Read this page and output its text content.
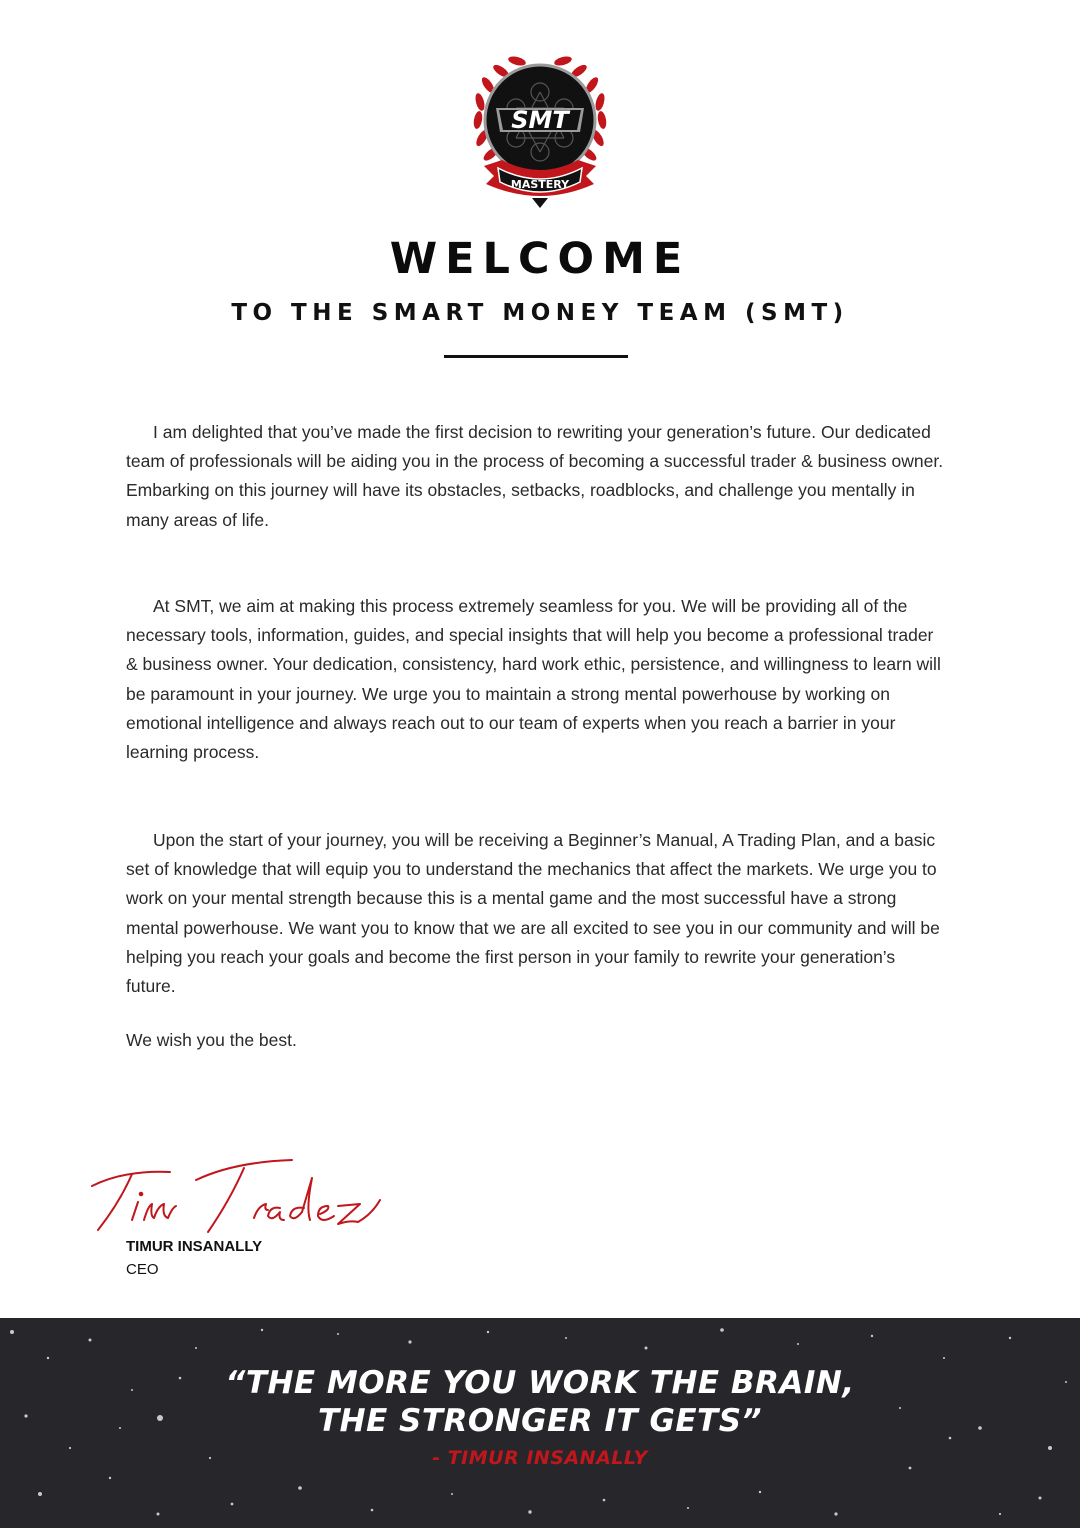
SMT
MASTERY
WELCOME
TO THE SMART MONEY TEAM (SMT)

I am delighted that you’ve made the first decision to rewriting your generation’s future. Our dedicated team of professionals will be aiding you in the process of becoming a successful trader & business owner. Embarking on this journey will have its obstacles, setbacks, roadblocks, and challenge you mentally in many areas of life.

At SMT, we aim at making this process extremely seamless for you. We will be providing all of the necessary tools, information, guides, and special insights that will help you become a professional trader & business owner. Your dedication, consistency, hard work ethic, persistence, and willingness to learn will be paramount in your journey. We urge you to maintain a strong mental powerhouse by working on emotional intelligence and always reach out to our team of experts when you reach a barrier in your learning process.

Upon the start of your journey, you will be receiving a Beginner’s Manual, A Trading Plan, and a basic set of knowledge that will equip you to understand the mechanics that affect the markets. We urge you to work on your mental strength because this is a mental game and the most successful have a strong mental powerhouse. We want you to know that we are all excited to see you in our community and will be helping you reach your goals and become the first person in your family to rewrite your generation’s future.

We wish you the best.
TIMUR INSANALLY
CEO
“THE MORE YOU WORK THE BRAIN,
THE STRONGER IT GETS”
- TIMUR INSANALLY
